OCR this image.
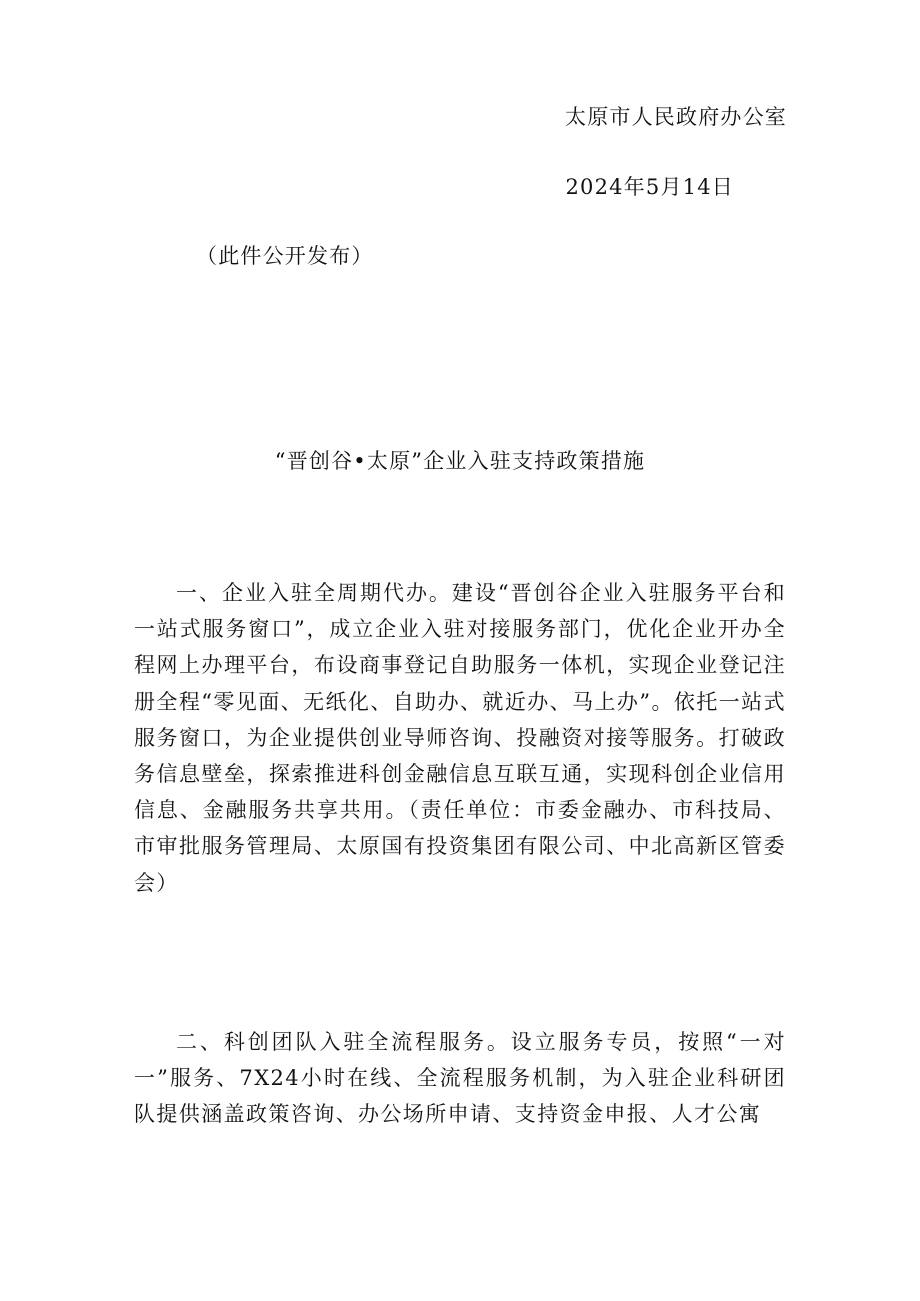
太原市人民政府办公室
2024年5月14日
（此件公开发布）
“晋创谷•太原”企业入驻支持政策措施

一、企业入驻全周期代办。建设“晋创谷企业入驻服务平台和一站式服务窗口”，成立企业入驻对接服务部门，优化企业开办全程网上办理平台，布设商事登记自助服务一体机，实现企业登记注册全程“零见面、无纸化、自助办、就近办、马上办”。依托一站式服务窗口，为企业提供创业导师咨询、投融资对接等服务。打破政务信息壁垒，探索推进科创金融信息互联互通，实现科创企业信用信息、金融服务共享共用。（责任单位：市委金融办、市科技局、市审批服务管理局、太原国有投资集团有限公司、中北高新区管委会）

二、科创团队入驻全流程服务。设立服务专员，按照“一对一”服务、7X24小时在线、全流程服务机制，为入驻企业科研团队提供涵盖政策咨询、办公场所申请、支持资金申报、人才公寓
